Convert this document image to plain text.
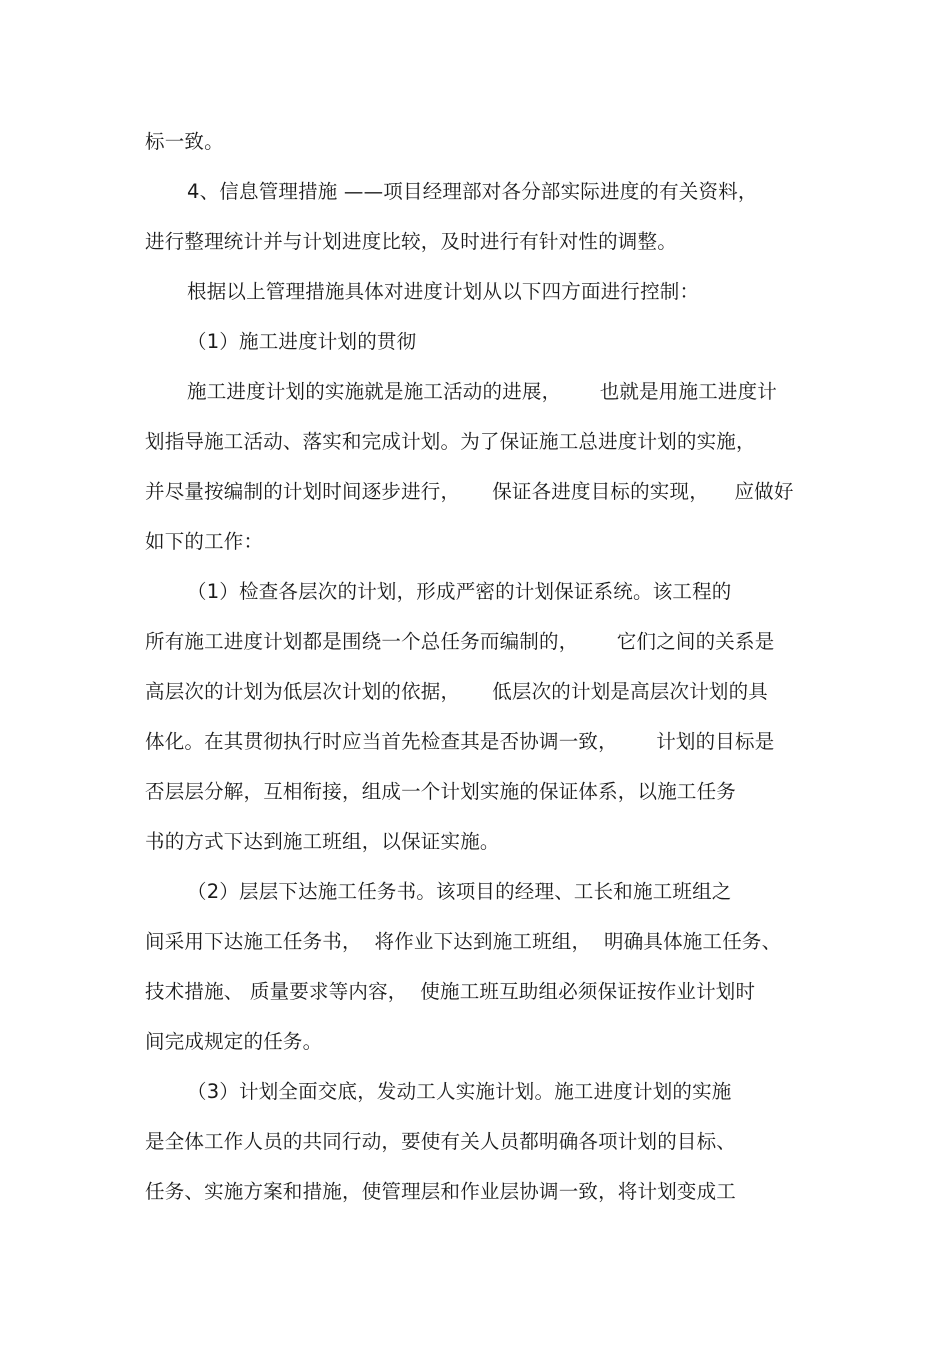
标一致。
4、信息管理措施 ——项目经理部对各分部实际进度的有关资料，
进行整理统计并与计划进度比较，及时进行有针对性的调整。
根据以上管理措施具体对进度计划从以下四方面进行控制：
（1）施工进度计划的贯彻
施工进度计划的实施就是施工活动的进展，      也就是用施工进度计
划指导施工活动、落实和完成计划。为了保证施工总进度计划的实施，
并尽量按编制的计划时间逐步进行，     保证各进度目标的实现，    应做好
如下的工作：
（1）检查各层次的计划，形成严密的计划保证系统。该工程的
所有施工进度计划都是围绕一个总任务而编制的，      它们之间的关系是
高层次的计划为低层次计划的依据，     低层次的计划是高层次计划的具
体化。在其贯彻执行时应当首先检查其是否协调一致，      计划的目标是
否层层分解，互相衔接，组成一个计划实施的保证体系，以施工任务
书的方式下达到施工班组，以保证实施。
（2）层层下达施工任务书。该项目的经理、工长和施工班组之
间采用下达施工任务书，  将作业下达到施工班组，  明确具体施工任务、
技术措施、 质量要求等内容，  使施工班互助组必须保证按作业计划时
间完成规定的任务。
（3）计划全面交底，发动工人实施计划。施工进度计划的实施
是全体工作人员的共同行动，要使有关人员都明确各项计划的目标、
任务、实施方案和措施，使管理层和作业层协调一致，将计划变成工
